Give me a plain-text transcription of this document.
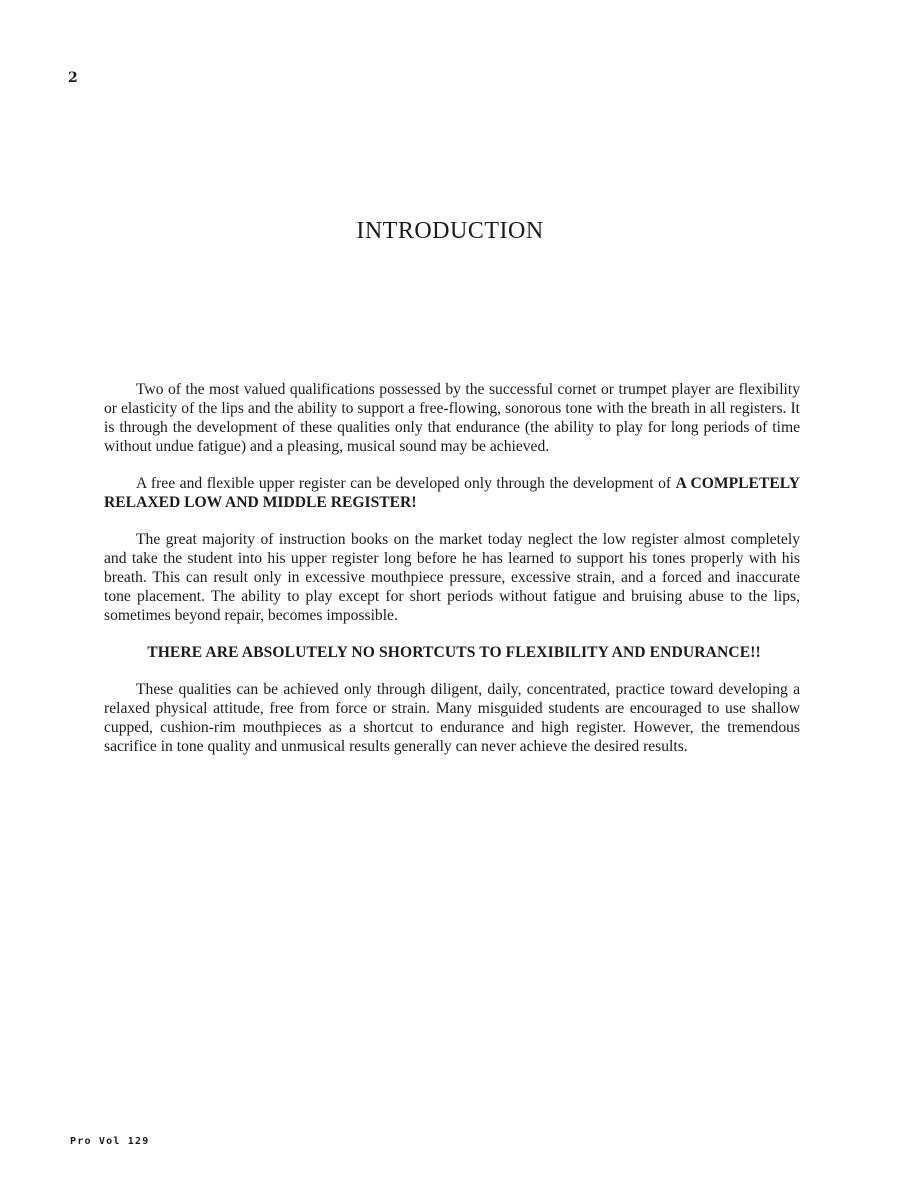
2
INTRODUCTION

Two of the most valued qualifications possessed by the successful cornet or trumpet player are flexibility or elasticity of the lips and the ability to support a free-flowing, sonorous tone with the breath in all registers. It is through the development of these qualities only that endurance (the ability to play for long periods of time without undue fatigue) and a pleasing, musical sound may be achieved.

A free and flexible upper register can be developed only through the development of A COMPLETELY RELAXED LOW AND MIDDLE REGISTER!

The great majority of instruction books on the market today neglect the low register almost completely and take the student into his upper register long before he has learned to support his tones properly with his breath. This can result only in excessive mouthpiece pressure, excessive strain, and a forced and inaccurate tone placement. The ability to play except for short periods without fatigue and bruising abuse to the lips, sometimes beyond repair, becomes impossible.

THERE ARE ABSOLUTELY NO SHORTCUTS TO FLEXIBILITY AND ENDURANCE!!

These qualities can be achieved only through diligent, daily, concentrated, practice toward developing a relaxed physical attitude, free from force or strain. Many misguided students are encouraged to use shallow cupped, cushion-rim mouthpieces as a shortcut to endurance and high register. However, the tremendous sacrifice in tone quality and unmusical results generally can never achieve the desired results.

Pro Vol 129
